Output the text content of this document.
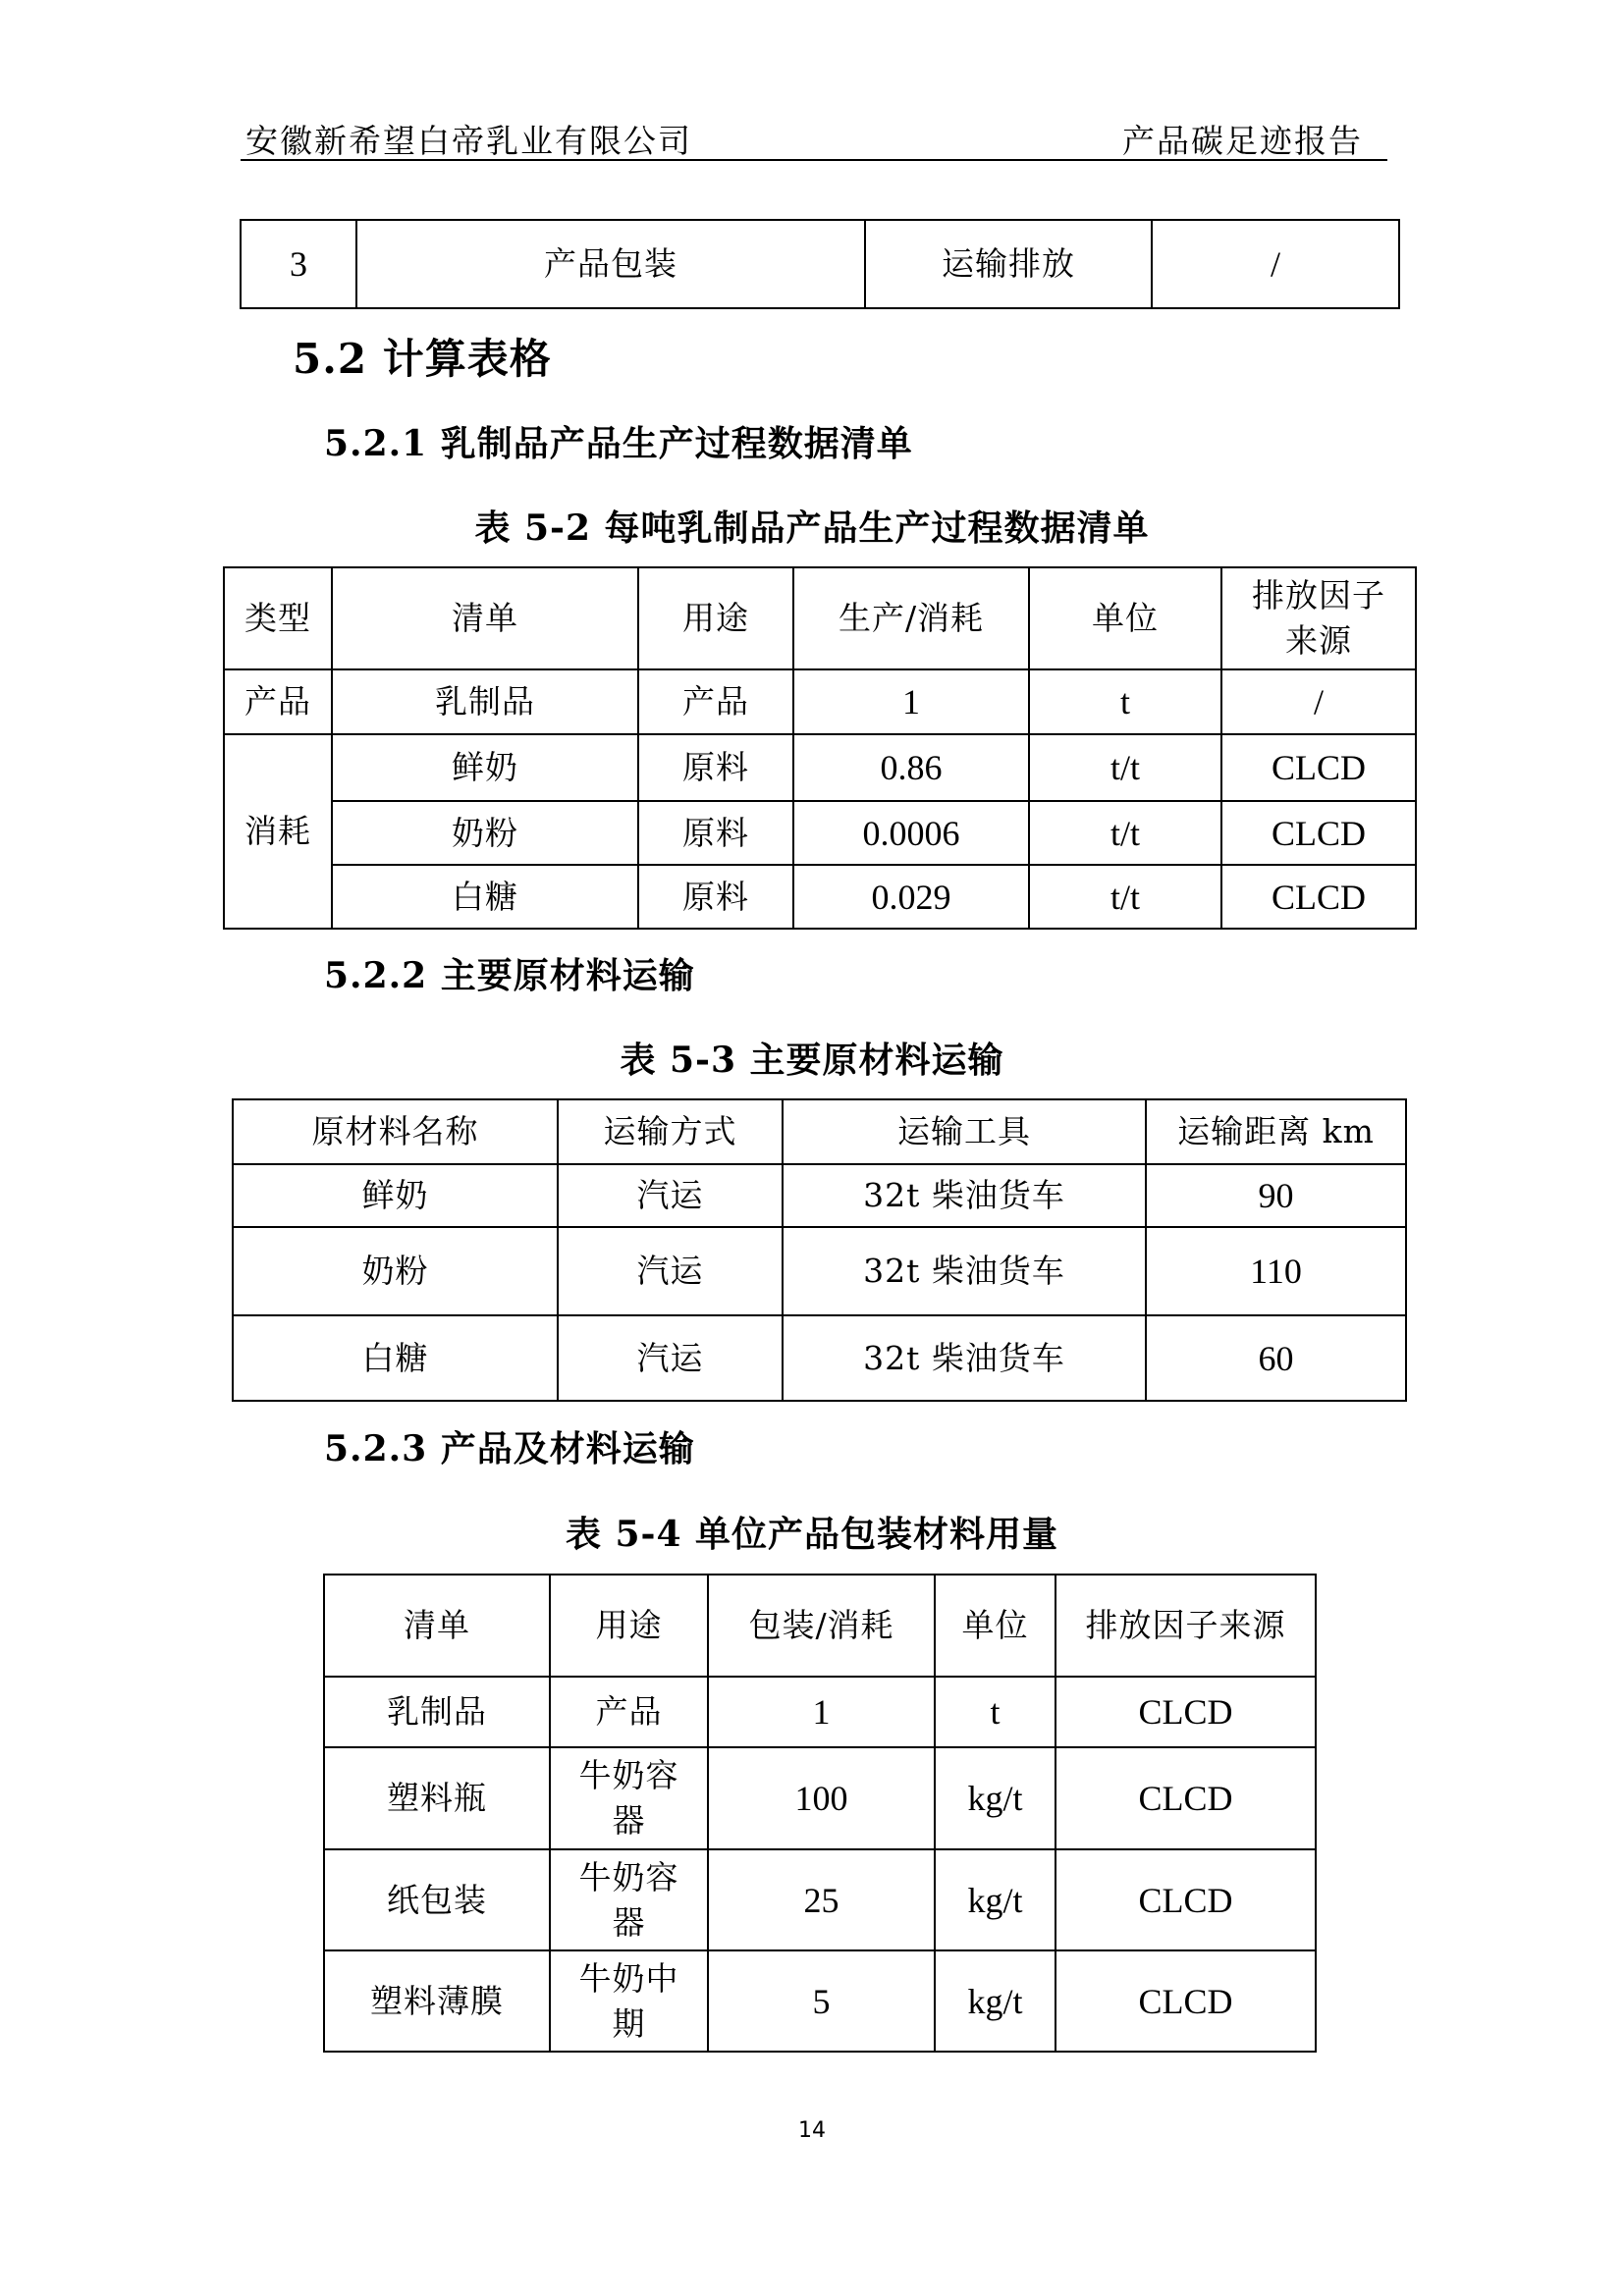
安徽新希望白帝乳业有限公司	产品碳足迹报告
3	产品包装	运输排放	/
5.2 计算表格
5.2.1 乳制品产品生产过程数据清单
表 5-2 每吨乳制品产品生产过程数据清单
类型	清单	用途	生产/消耗	单位	排放因子来源
产品	乳制品	产品	1	t	/
消耗	鲜奶	原料	0.86	t/t	CLCD
	奶粉	原料	0.0006	t/t	CLCD
	白糖	原料	0.029	t/t	CLCD
5.2.2 主要原材料运输
表 5-3 主要原材料运输
原材料名称	运输方式	运输工具	运输距离 km
鲜奶	汽运	32t 柴油货车	90
奶粉	汽运	32t 柴油货车	110
白糖	汽运	32t 柴油货车	60
5.2.3 产品及材料运输
表 5-4 单位产品包装材料用量
清单	用途	包装/消耗	单位	排放因子来源
乳制品	产品	1	t	CLCD
塑料瓶	牛奶容器	100	kg/t	CLCD
纸包装	牛奶容器	25	kg/t	CLCD
塑料薄膜	牛奶中期	5	kg/t	CLCD
14
